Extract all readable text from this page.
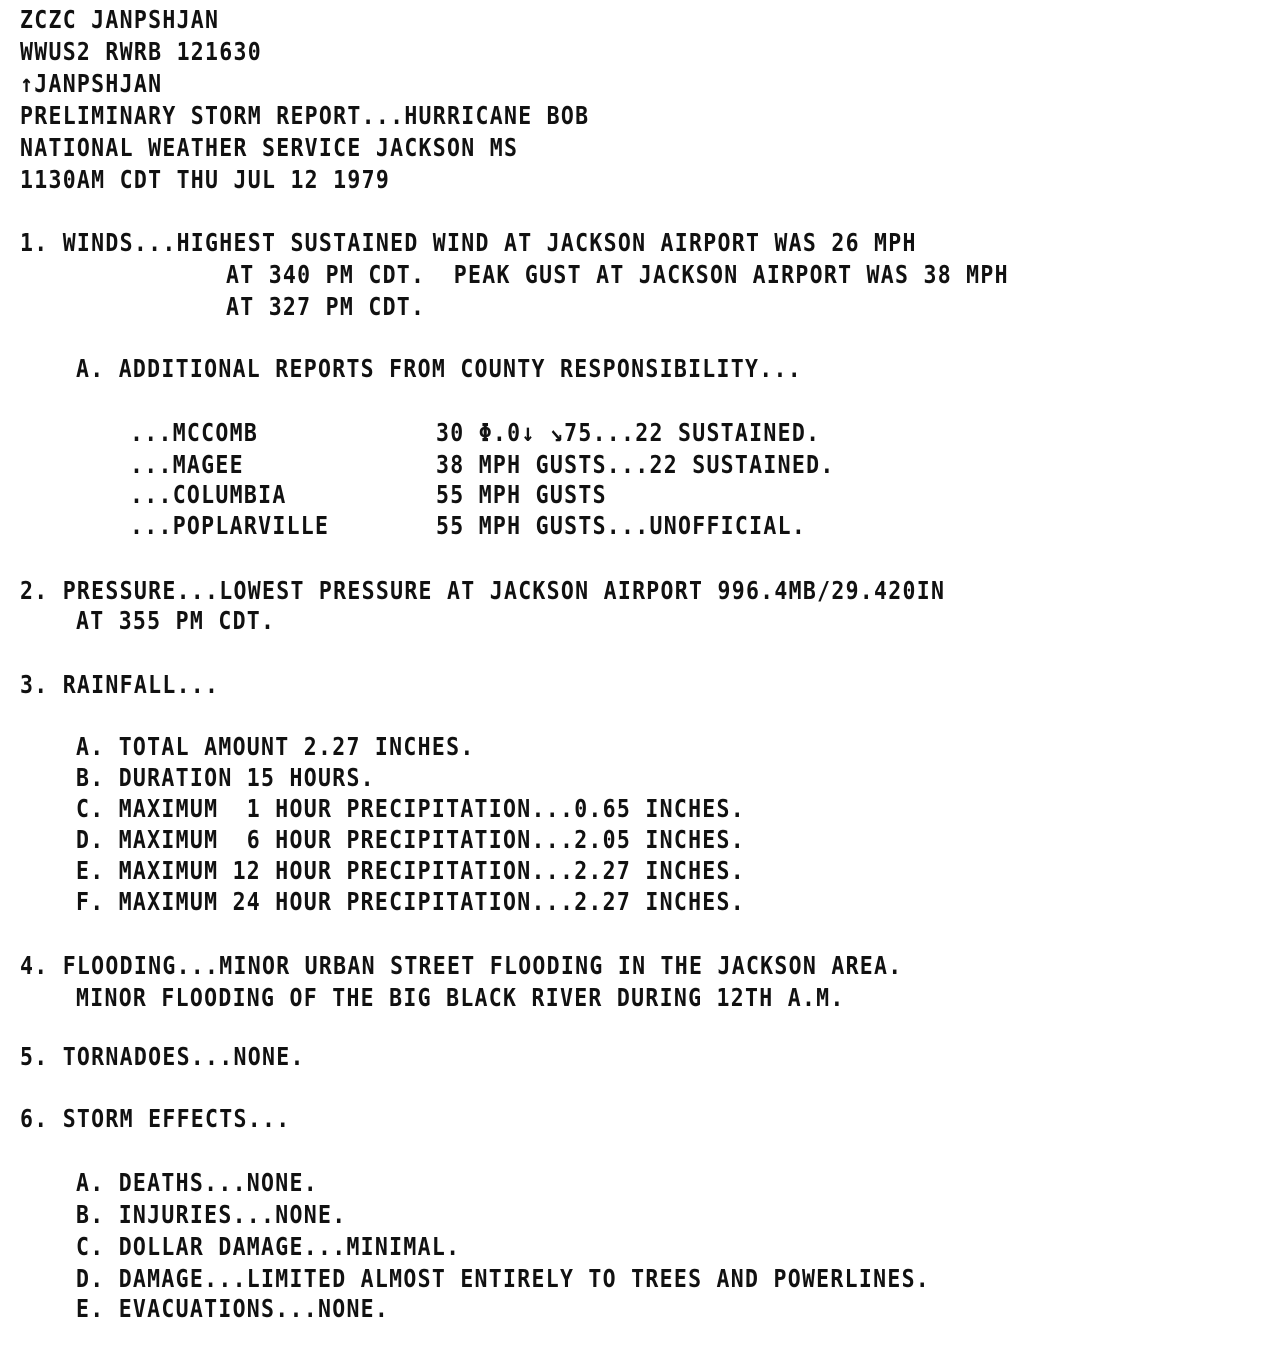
ZCZC JANPSHJAN
WWUS2 RWRB 121630
↑JANPSHJAN
PRELIMINARY STORM REPORT...HURRICANE BOB
NATIONAL WEATHER SERVICE JACKSON MS
1130AM CDT THU JUL 12 1979
1. WINDS...HIGHEST SUSTAINED WIND AT JACKSON AIRPORT WAS 26 MPH
AT 340 PM CDT.  PEAK GUST AT JACKSON AIRPORT WAS 38 MPH
AT 327 PM CDT.
A. ADDITIONAL REPORTS FROM COUNTY RESPONSIBILITY...
...MCCOMB	30 Φ.0↓ ↘75...22 SUSTAINED.
...MAGEE	38 MPH GUSTS...22 SUSTAINED.
...COLUMBIA	55 MPH GUSTS
...POPLARVILLE	55 MPH GUSTS...UNOFFICIAL.
2. PRESSURE...LOWEST PRESSURE AT JACKSON AIRPORT 996.4MB/29.420IN
AT 355 PM CDT.
3. RAINFALL...
A. TOTAL AMOUNT 2.27 INCHES.
B. DURATION 15 HOURS.
C. MAXIMUM  1 HOUR PRECIPITATION...0.65 INCHES.
D. MAXIMUM  6 HOUR PRECIPITATION...2.05 INCHES.
E. MAXIMUM 12 HOUR PRECIPITATION...2.27 INCHES.
F. MAXIMUM 24 HOUR PRECIPITATION...2.27 INCHES.
4. FLOODING...MINOR URBAN STREET FLOODING IN THE JACKSON AREA.
MINOR FLOODING OF THE BIG BLACK RIVER DURING 12TH A.M.
5. TORNADOES...NONE.
6. STORM EFFECTS...
A. DEATHS...NONE.
B. INJURIES...NONE.
C. DOLLAR DAMAGE...MINIMAL.
D. DAMAGE...LIMITED ALMOST ENTIRELY TO TREES AND POWERLINES.
E. EVACUATIONS...NONE.
